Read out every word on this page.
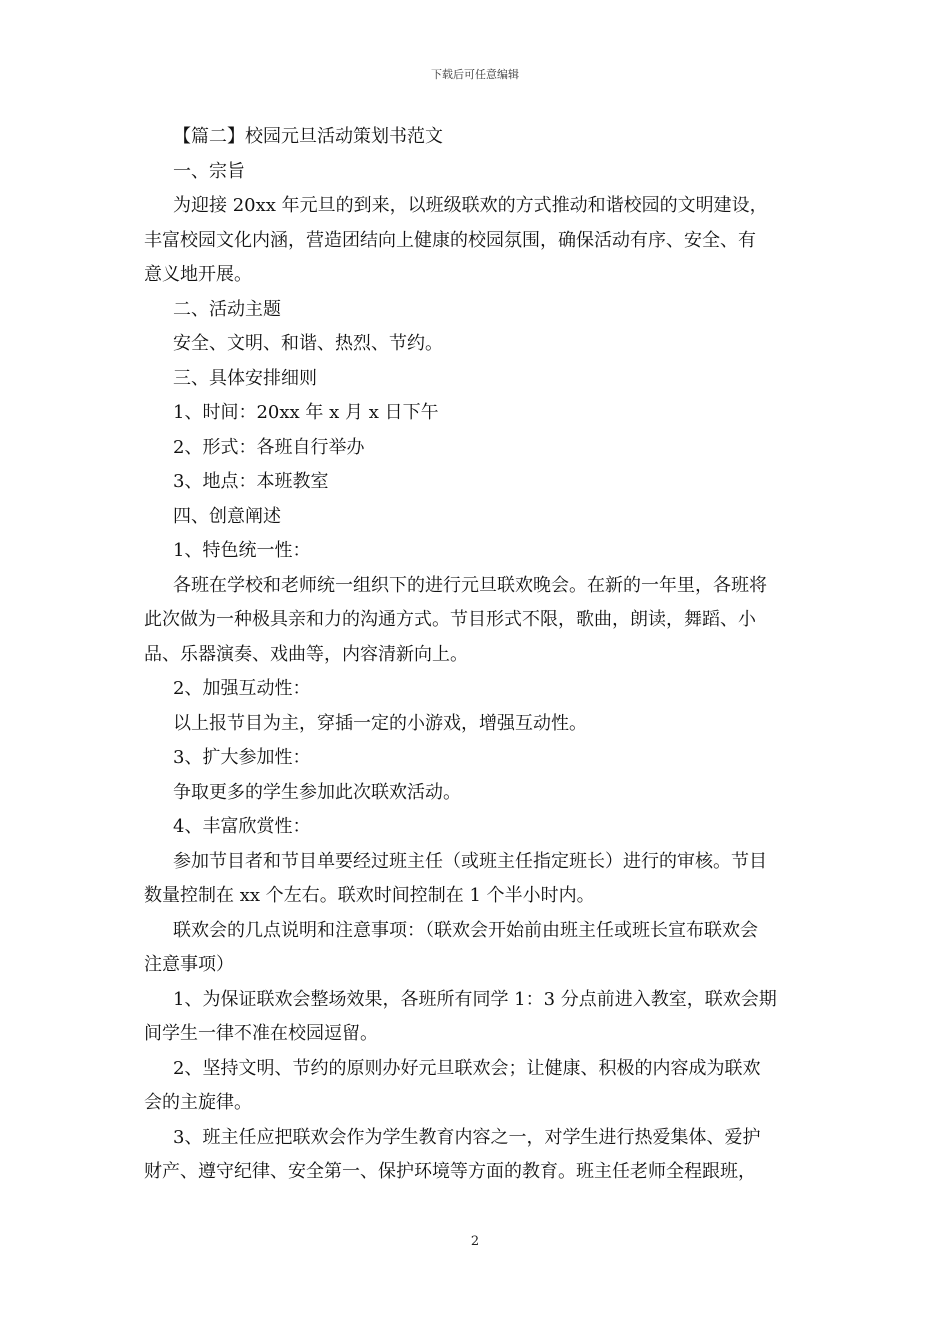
下载后可任意编辑
【篇二】校园元旦活动策划书范文
一、宗旨
为迎接 20xx 年元旦的到来，以班级联欢的方式推动和谐校园的文明建设，
丰富校园文化内涵，营造团结向上健康的校园氛围，确保活动有序、安全、有
意义地开展。
二、活动主题
安全、文明、和谐、热烈、节约。
三、具体安排细则
1、时间：20xx 年 x 月 x 日下午
2、形式：各班自行举办
3、地点：本班教室
四、创意阐述
1、特色统一性：
各班在学校和老师统一组织下的进行元旦联欢晚会。在新的一年里，各班将
此次做为一种极具亲和力的沟通方式。节目形式不限，歌曲，朗读，舞蹈、小
品、乐器演奏、戏曲等，内容清新向上。
2、加强互动性：
以上报节目为主，穿插一定的小游戏，增强互动性。
3、扩大参加性：
争取更多的学生参加此次联欢活动。
4、丰富欣赏性：
参加节目者和节目单要经过班主任（或班主任指定班长）进行的审核。节目
数量控制在 xx 个左右。联欢时间控制在 1 个半小时内。
联欢会的几点说明和注意事项：（联欢会开始前由班主任或班长宣布联欢会
注意事项）
1、为保证联欢会整场效果，各班所有同学 1：3 分点前进入教室，联欢会期
间学生一律不准在校园逗留。
2、坚持文明、节约的原则办好元旦联欢会；让健康、积极的内容成为联欢
会的主旋律。
3、班主任应把联欢会作为学生教育内容之一，对学生进行热爱集体、爱护
财产、遵守纪律、安全第一、保护环境等方面的教育。班主任老师全程跟班，
2
